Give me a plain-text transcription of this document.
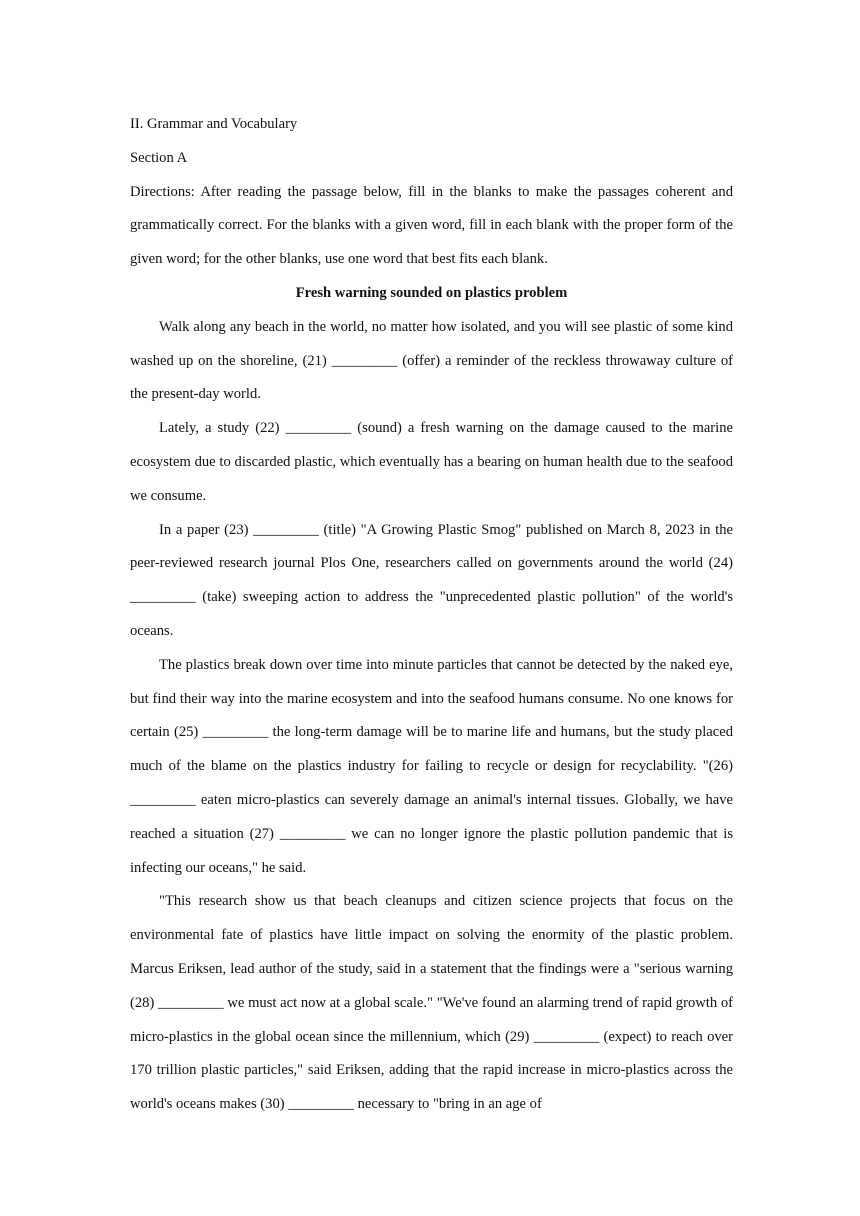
II. Grammar and Vocabulary

Section A

Directions: After reading the passage below, fill in the blanks to make the passages coherent and grammatically correct. For the blanks with a given word, fill in each blank with the proper form of the given word; for the other blanks, use one word that best fits each blank.

Fresh warning sounded on plastics problem

Walk along any beach in the world, no matter how isolated, and you will see plastic of some kind washed up on the shoreline, (21) _________ (offer) a reminder of the reckless throwaway culture of the present-day world.

Lately, a study (22) _________ (sound) a fresh warning on the damage caused to the marine ecosystem due to discarded plastic, which eventually has a bearing on human health due to the seafood we consume.

In a paper (23) _________ (title) "A Growing Plastic Smog" published on March 8, 2023 in the peer-reviewed research journal Plos One, researchers called on governments around the world (24) _________ (take) sweeping action to address the "unprecedented plastic pollution" of the world's oceans.

The plastics break down over time into minute particles that cannot be detected by the naked eye, but find their way into the marine ecosystem and into the seafood humans consume. No one knows for certain (25) _________ the long-term damage will be to marine life and humans, but the study placed much of the blame on the plastics industry for failing to recycle or design for recyclability. "(26) _________ eaten micro-plastics can severely damage an animal's internal tissues. Globally, we have reached a situation (27) _________ we can no longer ignore the plastic pollution pandemic that is infecting our oceans," he said.

"This research show us that beach cleanups and citizen science projects that focus on the environmental fate of plastics have little impact on solving the enormity of the plastic problem. Marcus Eriksen, lead author of the study, said in a statement that the findings were a "serious warning (28) _________ we must act now at a global scale." "We've found an alarming trend of rapid growth of micro-plastics in the global ocean since the millennium, which (29) _________ (expect) to reach over 170 trillion plastic particles," said Eriksen, adding that the rapid increase in micro-plastics across the world's oceans makes (30) _________ necessary to "bring in an age of
